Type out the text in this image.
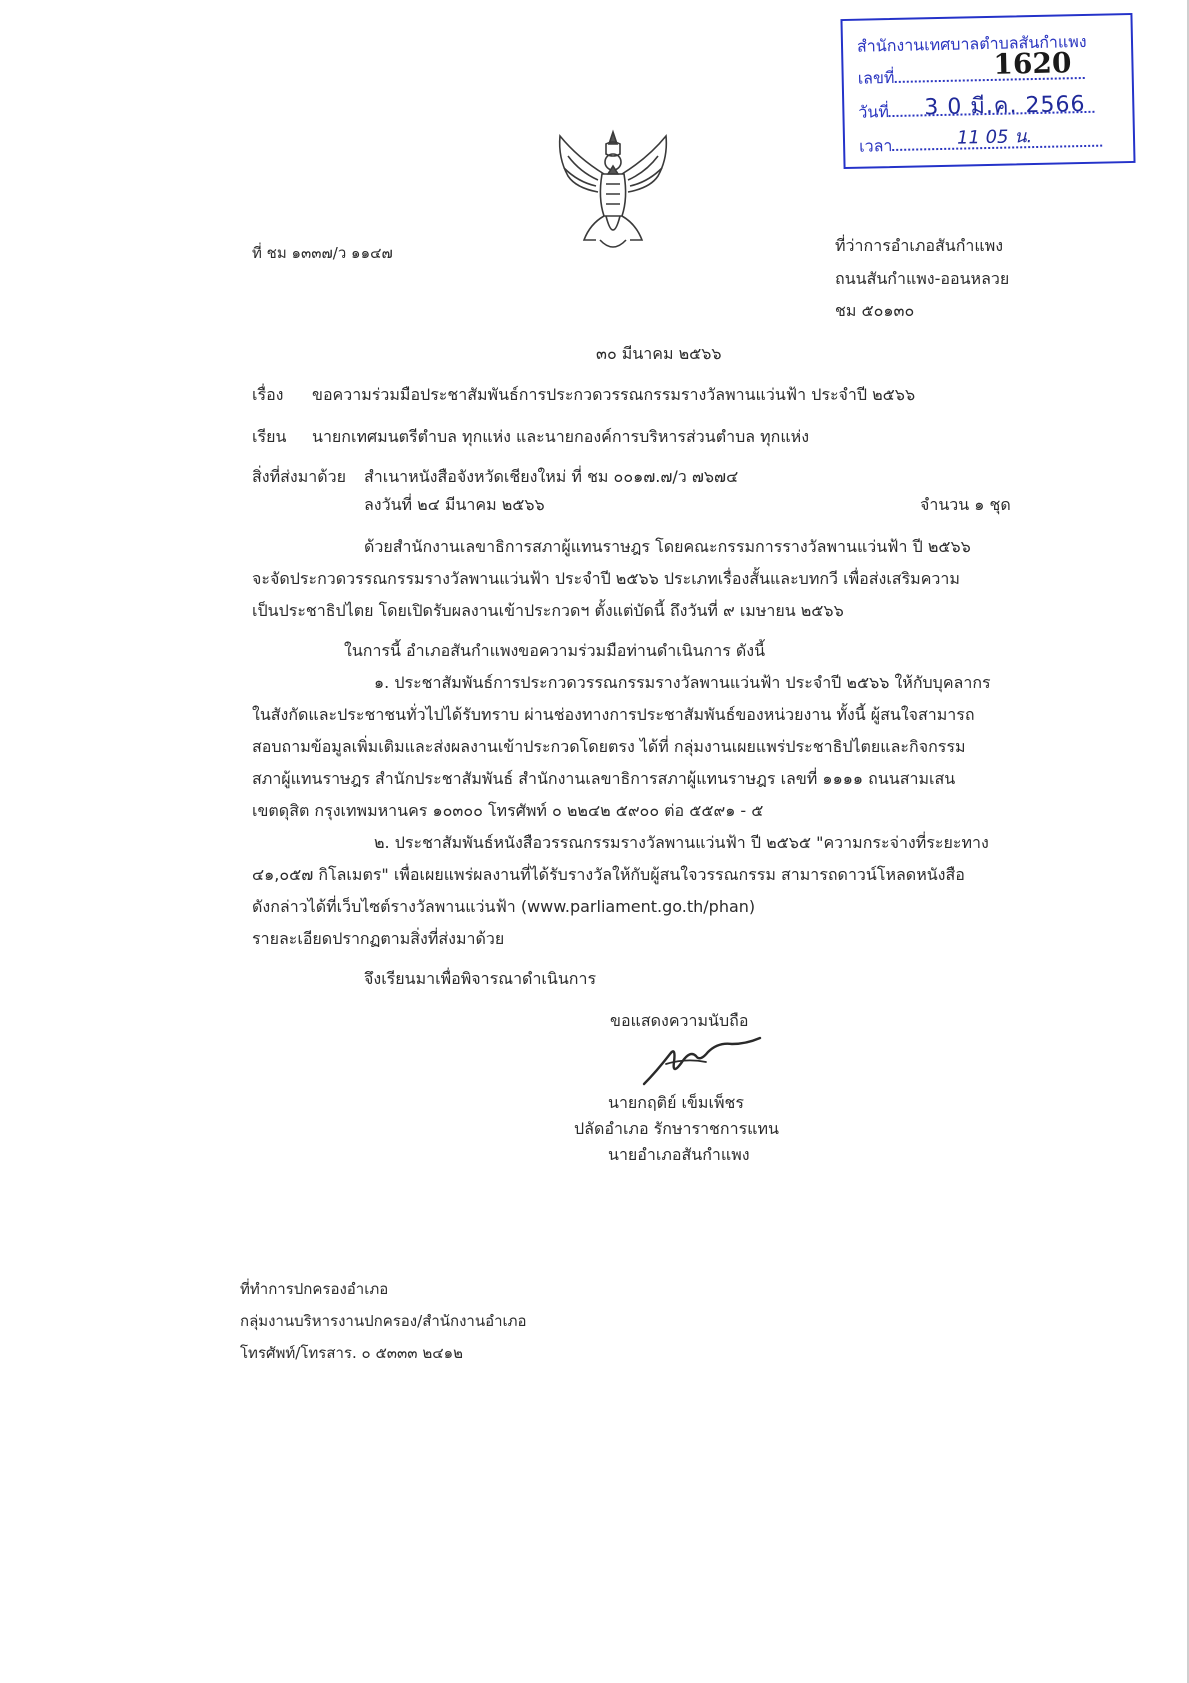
สำนักงานเทศบาลตำบลสันกำแพง
เลขที่	1620
วันที่	3 0 มี.ค. 2566
เวลา	11 05 น.
ที่ ชม ๑๓๓๗/ว ๑๑๔๗	ที่ว่าการอำเภอสันกำแพง
ถนนสันกำแพง-ออนหลวย
ชม ๕๐๑๓๐
๓๐ มีนาคม ๒๕๖๖
เรื่อง ขอความร่วมมือประชาสัมพันธ์การประกวดวรรณกรรมรางวัลพานแว่นฟ้า ประจำปี ๒๕๖๖
เรียน นายกเทศมนตรีตำบล ทุกแห่ง และนายกองค์การบริหารส่วนตำบล ทุกแห่ง
สิ่งที่ส่งมาด้วย สำเนาหนังสือจังหวัดเชียงใหม่ ที่ ชม ๐๐๑๗.๗/ว ๗๖๗๔
ลงวันที่ ๒๔ มีนาคม ๒๕๖๖	จำนวน ๑ ชุด
ด้วยสำนักงานเลขาธิการสภาผู้แทนราษฎร โดยคณะกรรมการรางวัลพานแว่นฟ้า ปี ๒๕๖๖
จะจัดประกวดวรรณกรรมรางวัลพานแว่นฟ้า ประจำปี ๒๕๖๖ ประเภทเรื่องสั้นและบทกวี เพื่อส่งเสริมความ
เป็นประชาธิปไตย โดยเปิดรับผลงานเข้าประกวดฯ ตั้งแต่บัดนี้ ถึงวันที่ ๙ เมษายน ๒๕๖๖
ในการนี้ อำเภอสันกำแพงขอความร่วมมือท่านดำเนินการ ดังนี้
๑. ประชาสัมพันธ์การประกวดวรรณกรรมรางวัลพานแว่นฟ้า ประจำปี ๒๕๖๖ ให้กับบุคลากร
ในสังกัดและประชาชนทั่วไปได้รับทราบ ผ่านช่องทางการประชาสัมพันธ์ของหน่วยงาน ทั้งนี้ ผู้สนใจสามารถ
สอบถามข้อมูลเพิ่มเติมและส่งผลงานเข้าประกวดโดยตรง ได้ที่ กลุ่มงานเผยแพร่ประชาธิปไตยและกิจกรรม
สภาผู้แทนราษฎร สำนักประชาสัมพันธ์ สำนักงานเลขาธิการสภาผู้แทนราษฎร เลขที่ ๑๑๑๑ ถนนสามเสน
เขตดุสิต กรุงเทพมหานคร ๑๐๓๐๐ โทรศัพท์ ๐ ๒๒๔๒ ๕๙๐๐ ต่อ ๕๕๙๑ - ๕
๒. ประชาสัมพันธ์หนังสือวรรณกรรมรางวัลพานแว่นฟ้า ปี ๒๕๖๕ "ความกระจ่างที่ระยะทาง
๔๑,๐๕๗ กิโลเมตร" เพื่อเผยแพร่ผลงานที่ได้รับรางวัลให้กับผู้สนใจวรรณกรรม สามารถดาวน์โหลดหนังสือ
ดังกล่าวได้ที่เว็บไซต์รางวัลพานแว่นฟ้า (www.parliament.go.th/phan)
รายละเอียดปรากฏตามสิ่งที่ส่งมาด้วย
จึงเรียนมาเพื่อพิจารณาดำเนินการ
ขอแสดงความนับถือ
นายกฤติย์ เข็มเพ็ชร
ปลัดอำเภอ รักษาราชการแทน
นายอำเภอสันกำแพง
ที่ทำการปกครองอำเภอ
กลุ่มงานบริหารงานปกครอง/สำนักงานอำเภอ
โทรศัพท์/โทรสาร. ๐ ๕๓๓๓ ๒๔๑๒
